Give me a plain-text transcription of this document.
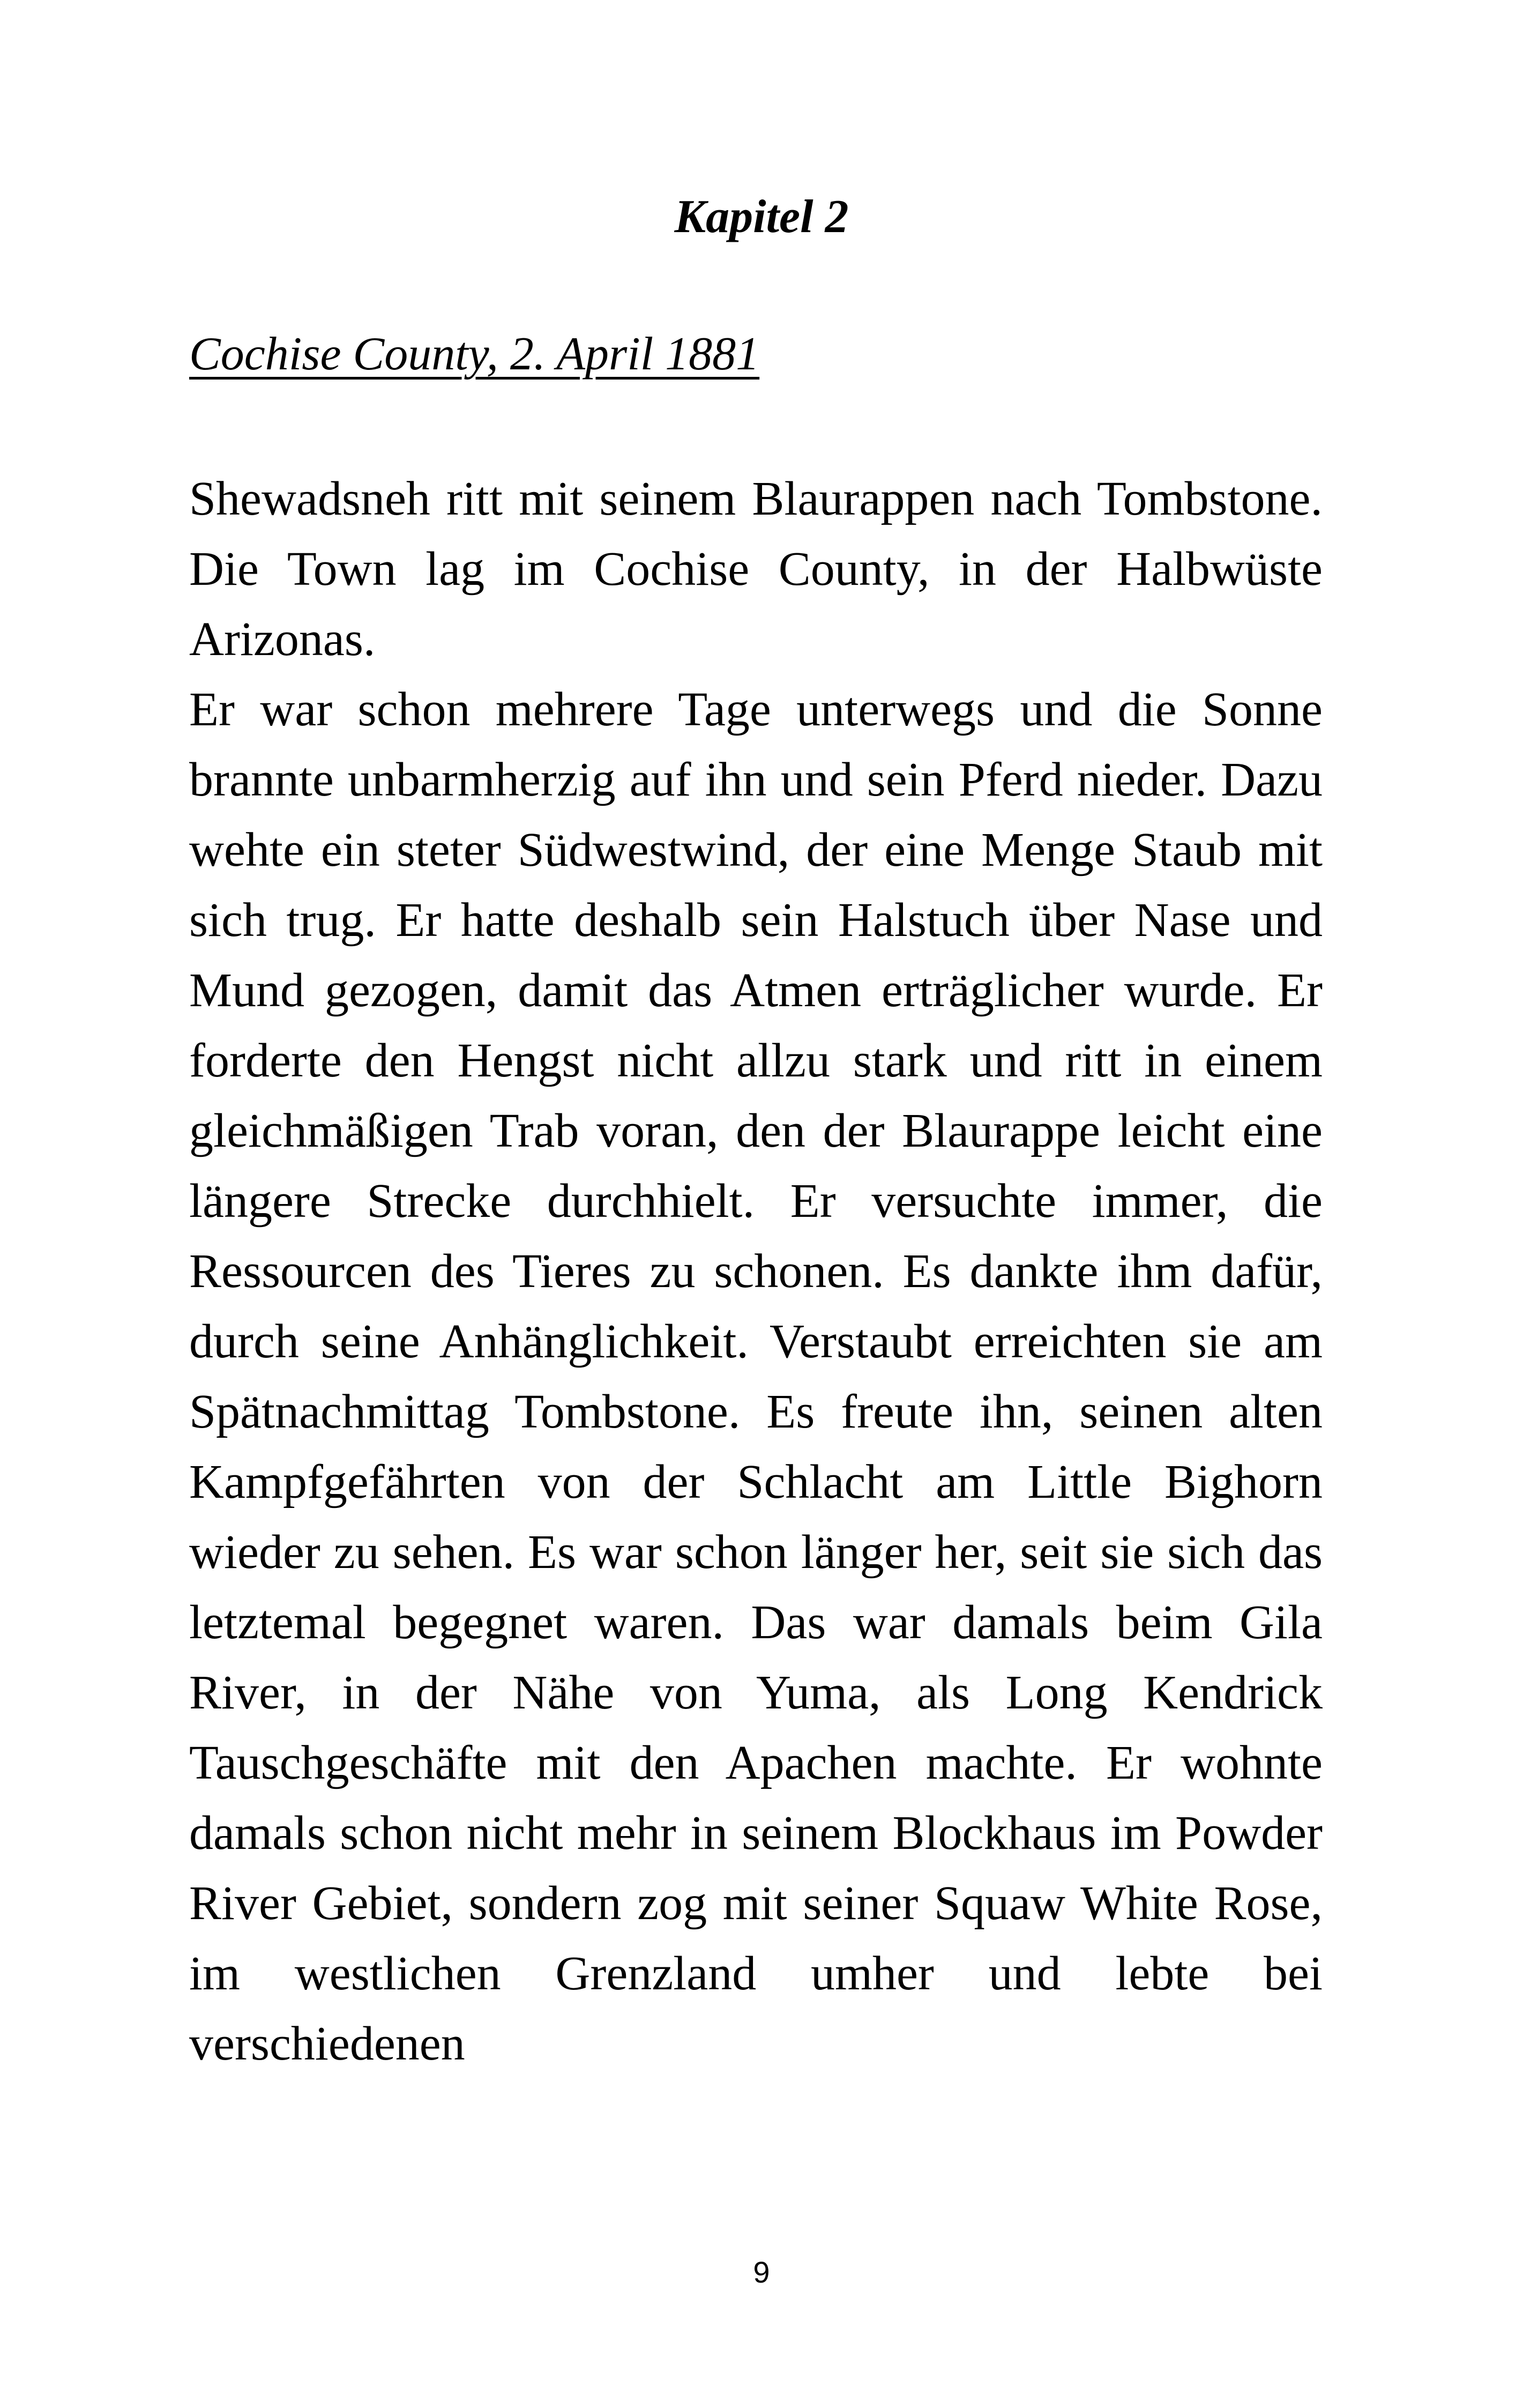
Kapitel 2

Cochise County, 2. April 1881

Shewadsneh ritt mit seinem Blaurappen nach Tombstone. Die Town lag im Cochise County, in der Halbwüste Arizonas.

Er war schon mehrere Tage unterwegs und die Sonne brannte unbarmherzig auf ihn und sein Pferd nieder. Dazu wehte ein steter Südwestwind, der eine Menge Staub mit sich trug. Er hatte deshalb sein Halstuch über Nase und Mund gezogen, damit das Atmen erträglicher wurde. Er forderte den Hengst nicht allzu stark und ritt in einem gleichmäßigen Trab voran, den der Blaurappe leicht eine längere Strecke durchhielt. Er versuchte immer, die Ressourcen des Tieres zu schonen. Es dankte ihm dafür, durch seine Anhänglichkeit. Verstaubt erreichten sie am Spätnachmittag Tombstone. Es freute ihn, seinen alten Kampfgefährten von der Schlacht am Little Bighorn wieder zu sehen. Es war schon länger her, seit sie sich das letztemal begegnet waren. Das war damals beim Gila River, in der Nähe von Yuma, als Long Kendrick Tauschgeschäfte mit den Apachen machte. Er wohnte damals schon nicht mehr in seinem Blockhaus im Powder River Gebiet, sondern zog mit seiner Squaw White Rose, im westlichen Grenzland umher und lebte bei verschiedenen

9
